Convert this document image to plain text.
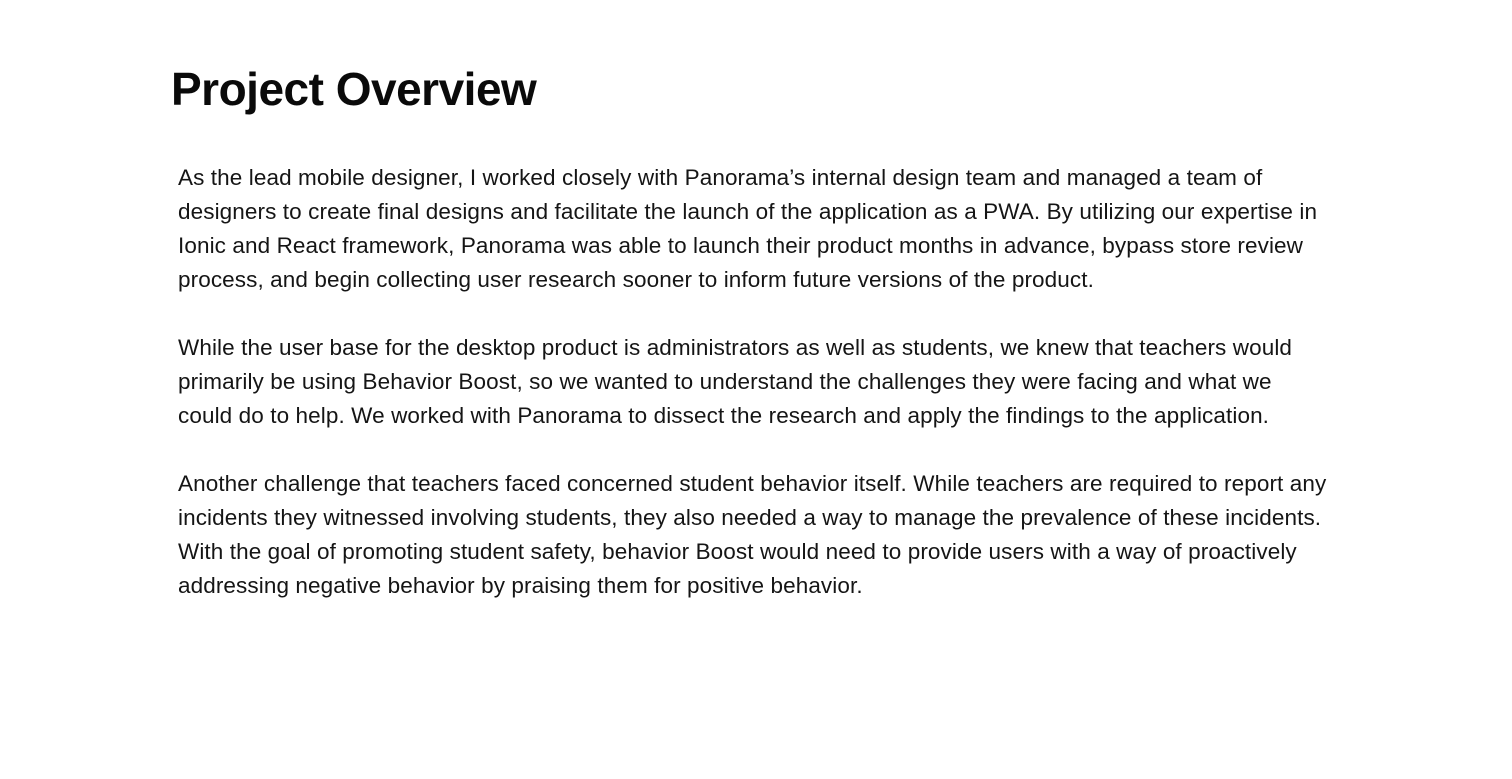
Project Overview

As the lead mobile designer, I worked closely with Panorama’s internal design team and managed a team of designers to create final designs and facilitate the launch of the application as a PWA. By utilizing our expertise in Ionic and React framework, Panorama was able to launch their product months in advance, bypass store review process, and begin collecting user research sooner to inform future versions of the product.

While the user base for the desktop product is administrators as well as students, we knew that teachers would primarily be using Behavior Boost, so we wanted to understand the challenges they were facing and what we could do to help. We worked with Panorama to dissect the research and apply the findings to the application.

Another challenge that teachers faced concerned student behavior itself. While teachers are required to report any incidents they witnessed involving students, they also needed a way to manage the prevalence of these incidents. With the goal of promoting student safety, behavior Boost would need to provide users with a way of proactively addressing negative behavior by praising them for positive behavior.
